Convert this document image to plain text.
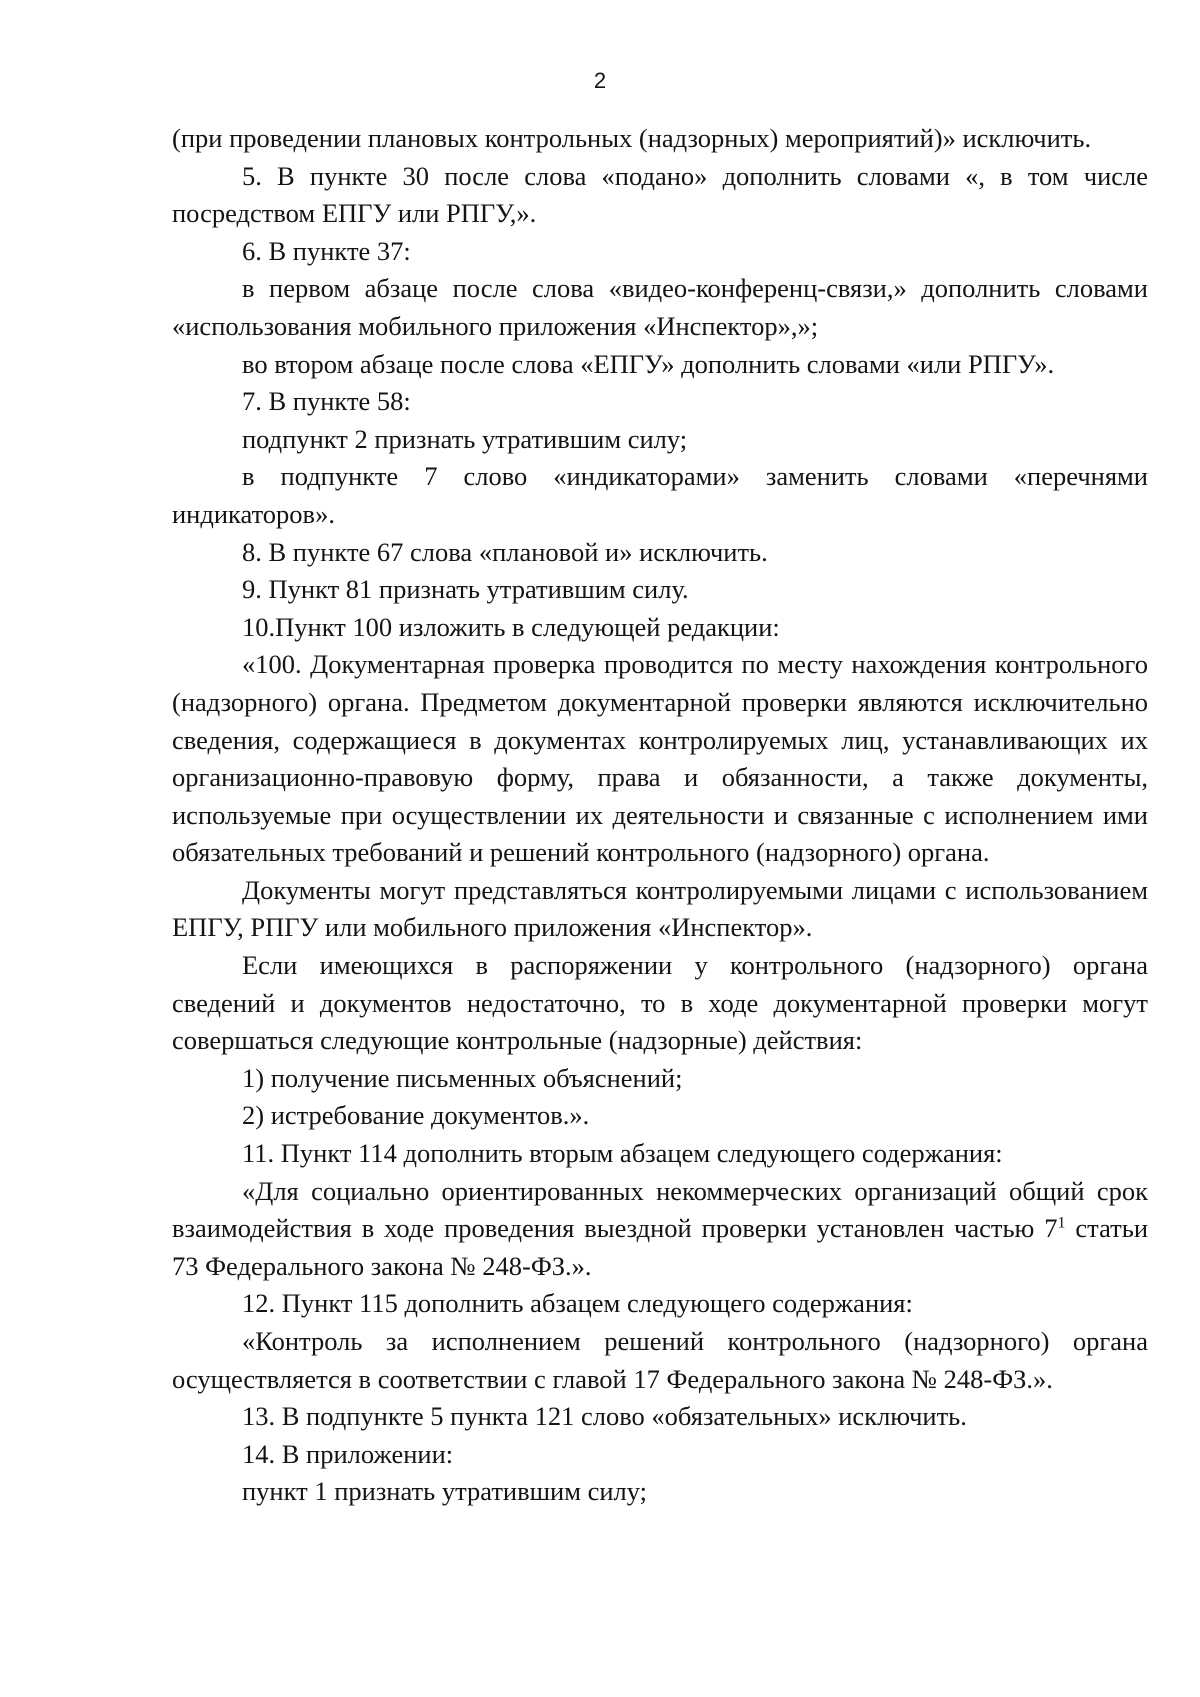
2

(при проведении плановых контрольных (надзорных) мероприятий)» исключить.

5. В пункте 30 после слова «подано» дополнить словами «, в том числе посредством ЕПГУ или РПГУ,».

6. В пункте 37:

в первом абзаце после слова «видео-конференц-связи,» дополнить словами «использования мобильного приложения «Инспектор»,»;

во втором абзаце после слова «ЕПГУ» дополнить словами «или РПГУ».

7. В пункте 58:

подпункт 2 признать утратившим силу;

в подпункте 7 слово «индикаторами» заменить словами «перечнями индикаторов».

8. В пункте 67 слова «плановой и» исключить.

9. Пункт 81 признать утратившим силу.

10.Пункт 100 изложить в следующей редакции:

«100. Документарная проверка проводится по месту нахождения контрольного (надзорного) органа. Предметом документарной проверки являются исключительно сведения, содержащиеся в документах контролируемых лиц, устанавливающих их организационно-правовую форму, права и обязанности, а также документы, используемые при осуществлении их деятельности и связанные с исполнением ими обязательных требований и решений контрольного (надзорного) органа.

Документы могут представляться контролируемыми лицами с использованием ЕПГУ, РПГУ или мобильного приложения «Инспектор».

Если имеющихся в распоряжении у контрольного (надзорного) органа сведений и документов недостаточно, то в ходе документарной проверки могут совершаться следующие контрольные (надзорные) действия:

1) получение письменных объяснений;

2) истребование документов.».

11. Пункт 114 дополнить вторым абзацем следующего содержания:

«Для социально ориентированных некоммерческих организаций общий срок взаимодействия в ходе проведения выездной проверки установлен частью $7^1$ статьи 73 Федерального закона № 248-ФЗ.».

12. Пункт 115 дополнить абзацем следующего содержания:

«Контроль за исполнением решений контрольного (надзорного) органа осуществляется в соответствии с главой 17 Федерального закона № 248-ФЗ.».

13. В подпункте 5 пункта 121 слово «обязательных» исключить.

14. В приложении:

пункт 1 признать утратившим силу;
